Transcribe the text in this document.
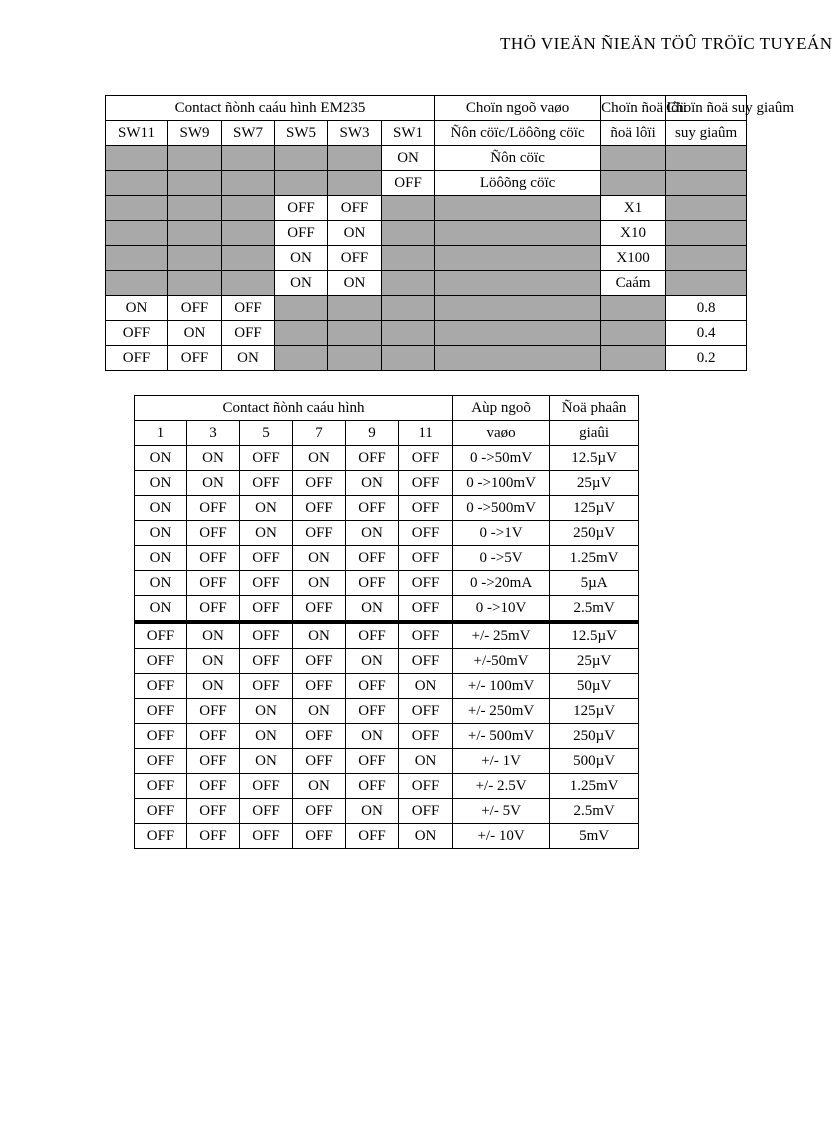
THÖ VIEÄN ÑIEÄN TÖÛ TRÖÏC TUYEÁN
Contact ñònh caáu hình EM235						Choïn ngoõ vaøo	Choïn ñoä lôïi	Choïn ñoä suy giaûm
SW11	SW9	SW7	SW5	SW3	SW1	Ñôn cöïc/Löôõng cöïc	ñoä lôïi	suy giaûm
					ON	Ñôn cöïc		
					OFF	Löôõng cöïc		
			OFF	OFF			X1	
			OFF	ON			X10	
			ON	OFF			X100	
			ON	ON			Caám	
ON	OFF	OFF						0.8
OFF	ON	OFF						0.4
OFF	OFF	ON						0.2
Contact ñònh caáu hình						Aùp ngoõ	Ñoä phaân
1	3	5	7	9	11	vaøo	giaûi
ON	ON	OFF	ON	OFF	OFF	0 ->50mV	12.5µV
ON	ON	OFF	OFF	ON	OFF	0 ->100mV	25µV
ON	OFF	ON	OFF	OFF	OFF	0 ->500mV	125µV
ON	OFF	ON	OFF	ON	OFF	0 ->1V	250µV
ON	OFF	OFF	ON	OFF	OFF	0 ->5V	1.25mV
ON	OFF	OFF	ON	OFF	OFF	0 ->20mA	5µA
ON	OFF	OFF	OFF	ON	OFF	0 ->10V	2.5mV
OFF	ON	OFF	ON	OFF	OFF	+/- 25mV	12.5µV
OFF	ON	OFF	OFF	ON	OFF	+/-50mV	25µV
OFF	ON	OFF	OFF	OFF	ON	+/- 100mV	50µV
OFF	OFF	ON	ON	OFF	OFF	+/- 250mV	125µV
OFF	OFF	ON	OFF	ON	OFF	+/- 500mV	250µV
OFF	OFF	ON	OFF	OFF	ON	+/- 1V	500µV
OFF	OFF	OFF	ON	OFF	OFF	+/- 2.5V	1.25mV
OFF	OFF	OFF	OFF	ON	OFF	+/- 5V	2.5mV
OFF	OFF	OFF	OFF	OFF	ON	+/- 10V	5mV
